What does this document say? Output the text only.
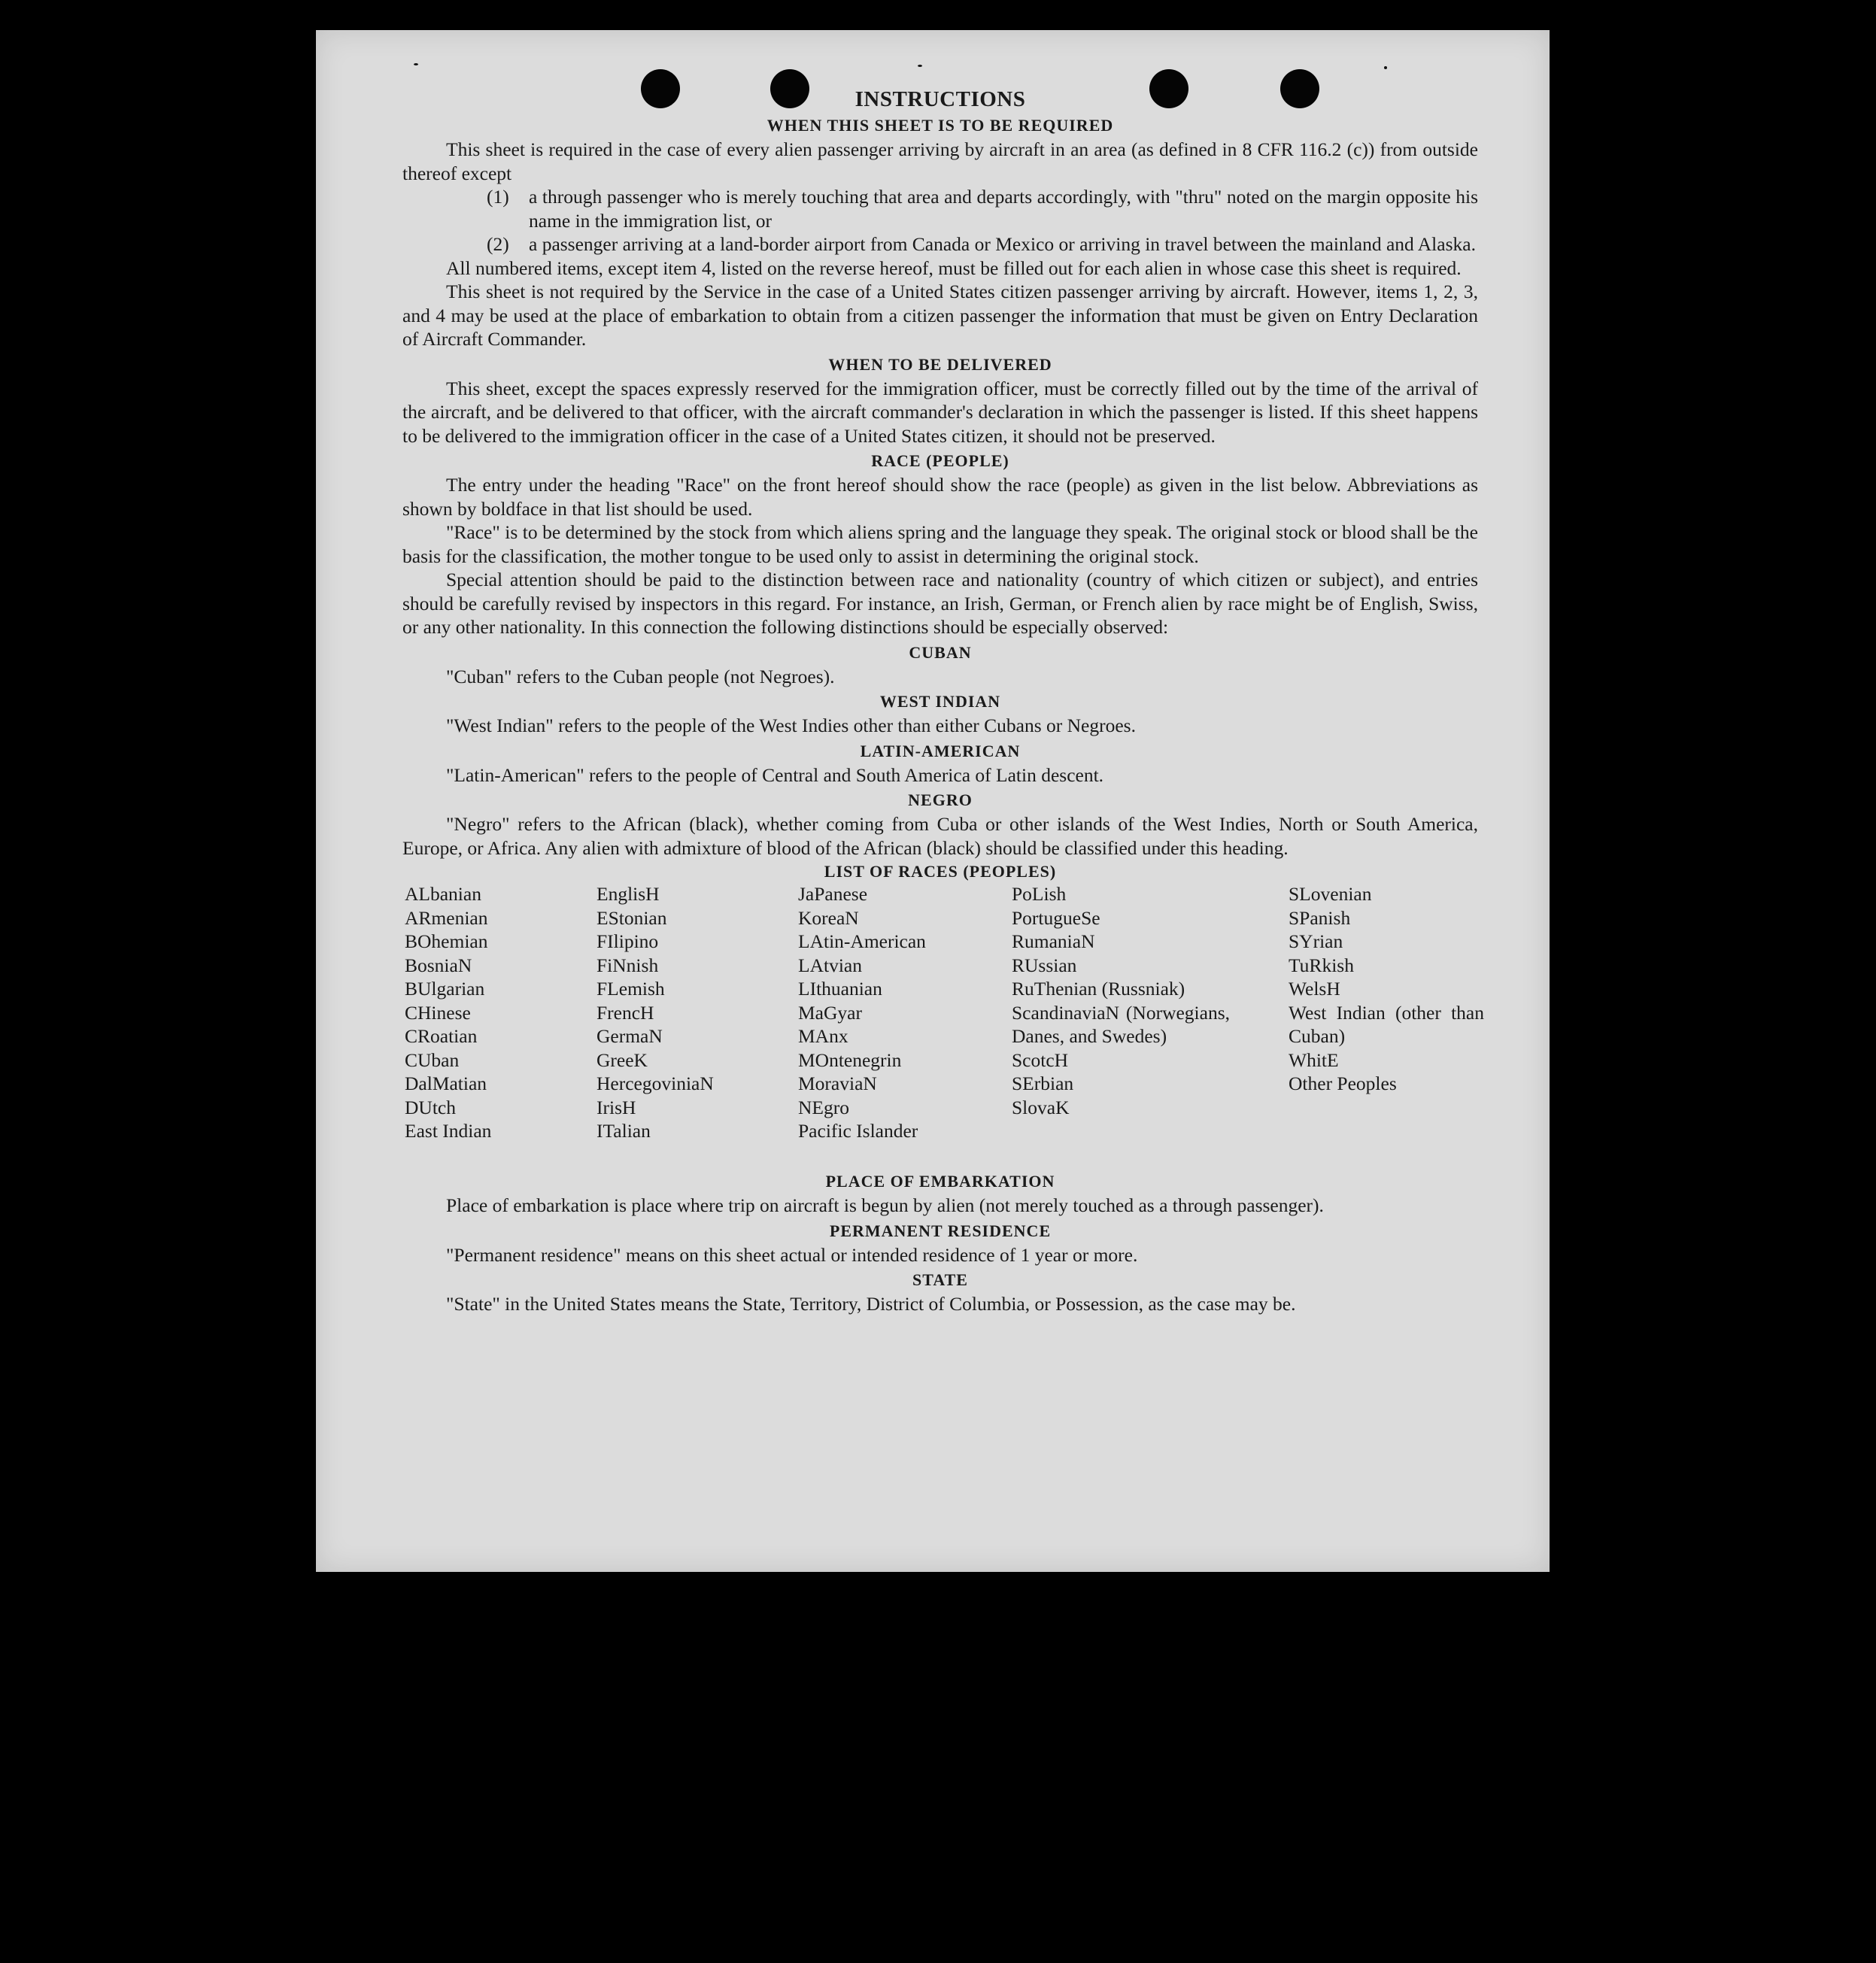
INSTRUCTIONS
WHEN THIS SHEET IS TO BE REQUIRED

This sheet is required in the case of every alien passenger arriving by aircraft in an area (as defined in 8 CFR 116.2 (c)) from outside thereof except

(1)	a through passenger who is merely touching that area and departs accordingly, with "thru" noted on the margin opposite his name in the immigration list, or
(2)	a passenger arriving at a land-border airport from Canada or Mexico or arriving in travel between the mainland and Alaska.

All numbered items, except item 4, listed on the reverse hereof, must be filled out for each alien in whose case this sheet is required.

This sheet is not required by the Service in the case of a United States citizen passenger arriving by aircraft. However, items 1, 2, 3, and 4 may be used at the place of embarkation to obtain from a citizen passenger the information that must be given on Entry Declaration of Aircraft Commander.

WHEN TO BE DELIVERED

This sheet, except the spaces expressly reserved for the immigration officer, must be correctly filled out by the time of the arrival of the aircraft, and be delivered to that officer, with the aircraft commander's declaration in which the passenger is listed. If this sheet happens to be delivered to the immigration officer in the case of a United States citizen, it should not be preserved.

RACE (PEOPLE)

The entry under the heading "Race" on the front hereof should show the race (people) as given in the list below. Abbreviations as shown by boldface in that list should be used.

"Race" is to be determined by the stock from which aliens spring and the language they speak. The original stock or blood shall be the basis for the classification, the mother tongue to be used only to assist in determining the original stock.

Special attention should be paid to the distinction between race and nationality (country of which citizen or subject), and entries should be carefully revised by inspectors in this regard. For instance, an Irish, German, or French alien by race might be of English, Swiss, or any other nationality. In this connection the following distinctions should be especially observed:

CUBAN

"Cuban" refers to the Cuban people (not Negroes).

WEST INDIAN

"West Indian" refers to the people of the West Indies other than either Cubans or Negroes.

LATIN-AMERICAN

"Latin-American" refers to the people of Central and South America of Latin descent.

NEGRO

"Negro" refers to the African (black), whether coming from Cuba or other islands of the West Indies, North or South America, Europe, or Africa. Any alien with admixture of blood of the African (black) should be classified under this heading.

LIST OF RACES (PEOPLES)
ALbanian
ARmenian
BOhemian
BosniaN
BUlgarian
CHinese
CRoatian
CUban
DalMatian
DUtch
East Indian
EnglisH
EStonian
FIlipino
FiNnish
FLemish
FrencH
GermaN
GreeK
HercegoviniaN
IrisH
ITalian
JaPanese
KoreaN
LAtin-American
LAtvian
LIthuanian
MaGyar
MAnx
MOntenegrin
MoraviaN
NEgro
Pacific Islander
PoLish
PortugueSe
RumaniaN
RUssian
RuThenian (Russniak)
ScandinaviaN (Norwegians, Danes, and Swedes)
ScotcH
SErbian
SlovaK
SLovenian
SPanish
SYrian
TuRkish
WelsH
West Indian (other than Cuban)
WhitE
Other Peoples
PLACE OF EMBARKATION

Place of embarkation is place where trip on aircraft is begun by alien (not merely touched as a through passenger).

PERMANENT RESIDENCE

"Permanent residence" means on this sheet actual or intended residence of 1 year or more.

STATE

"State" in the United States means the State, Territory, District of Columbia, or Possession, as the case may be.
